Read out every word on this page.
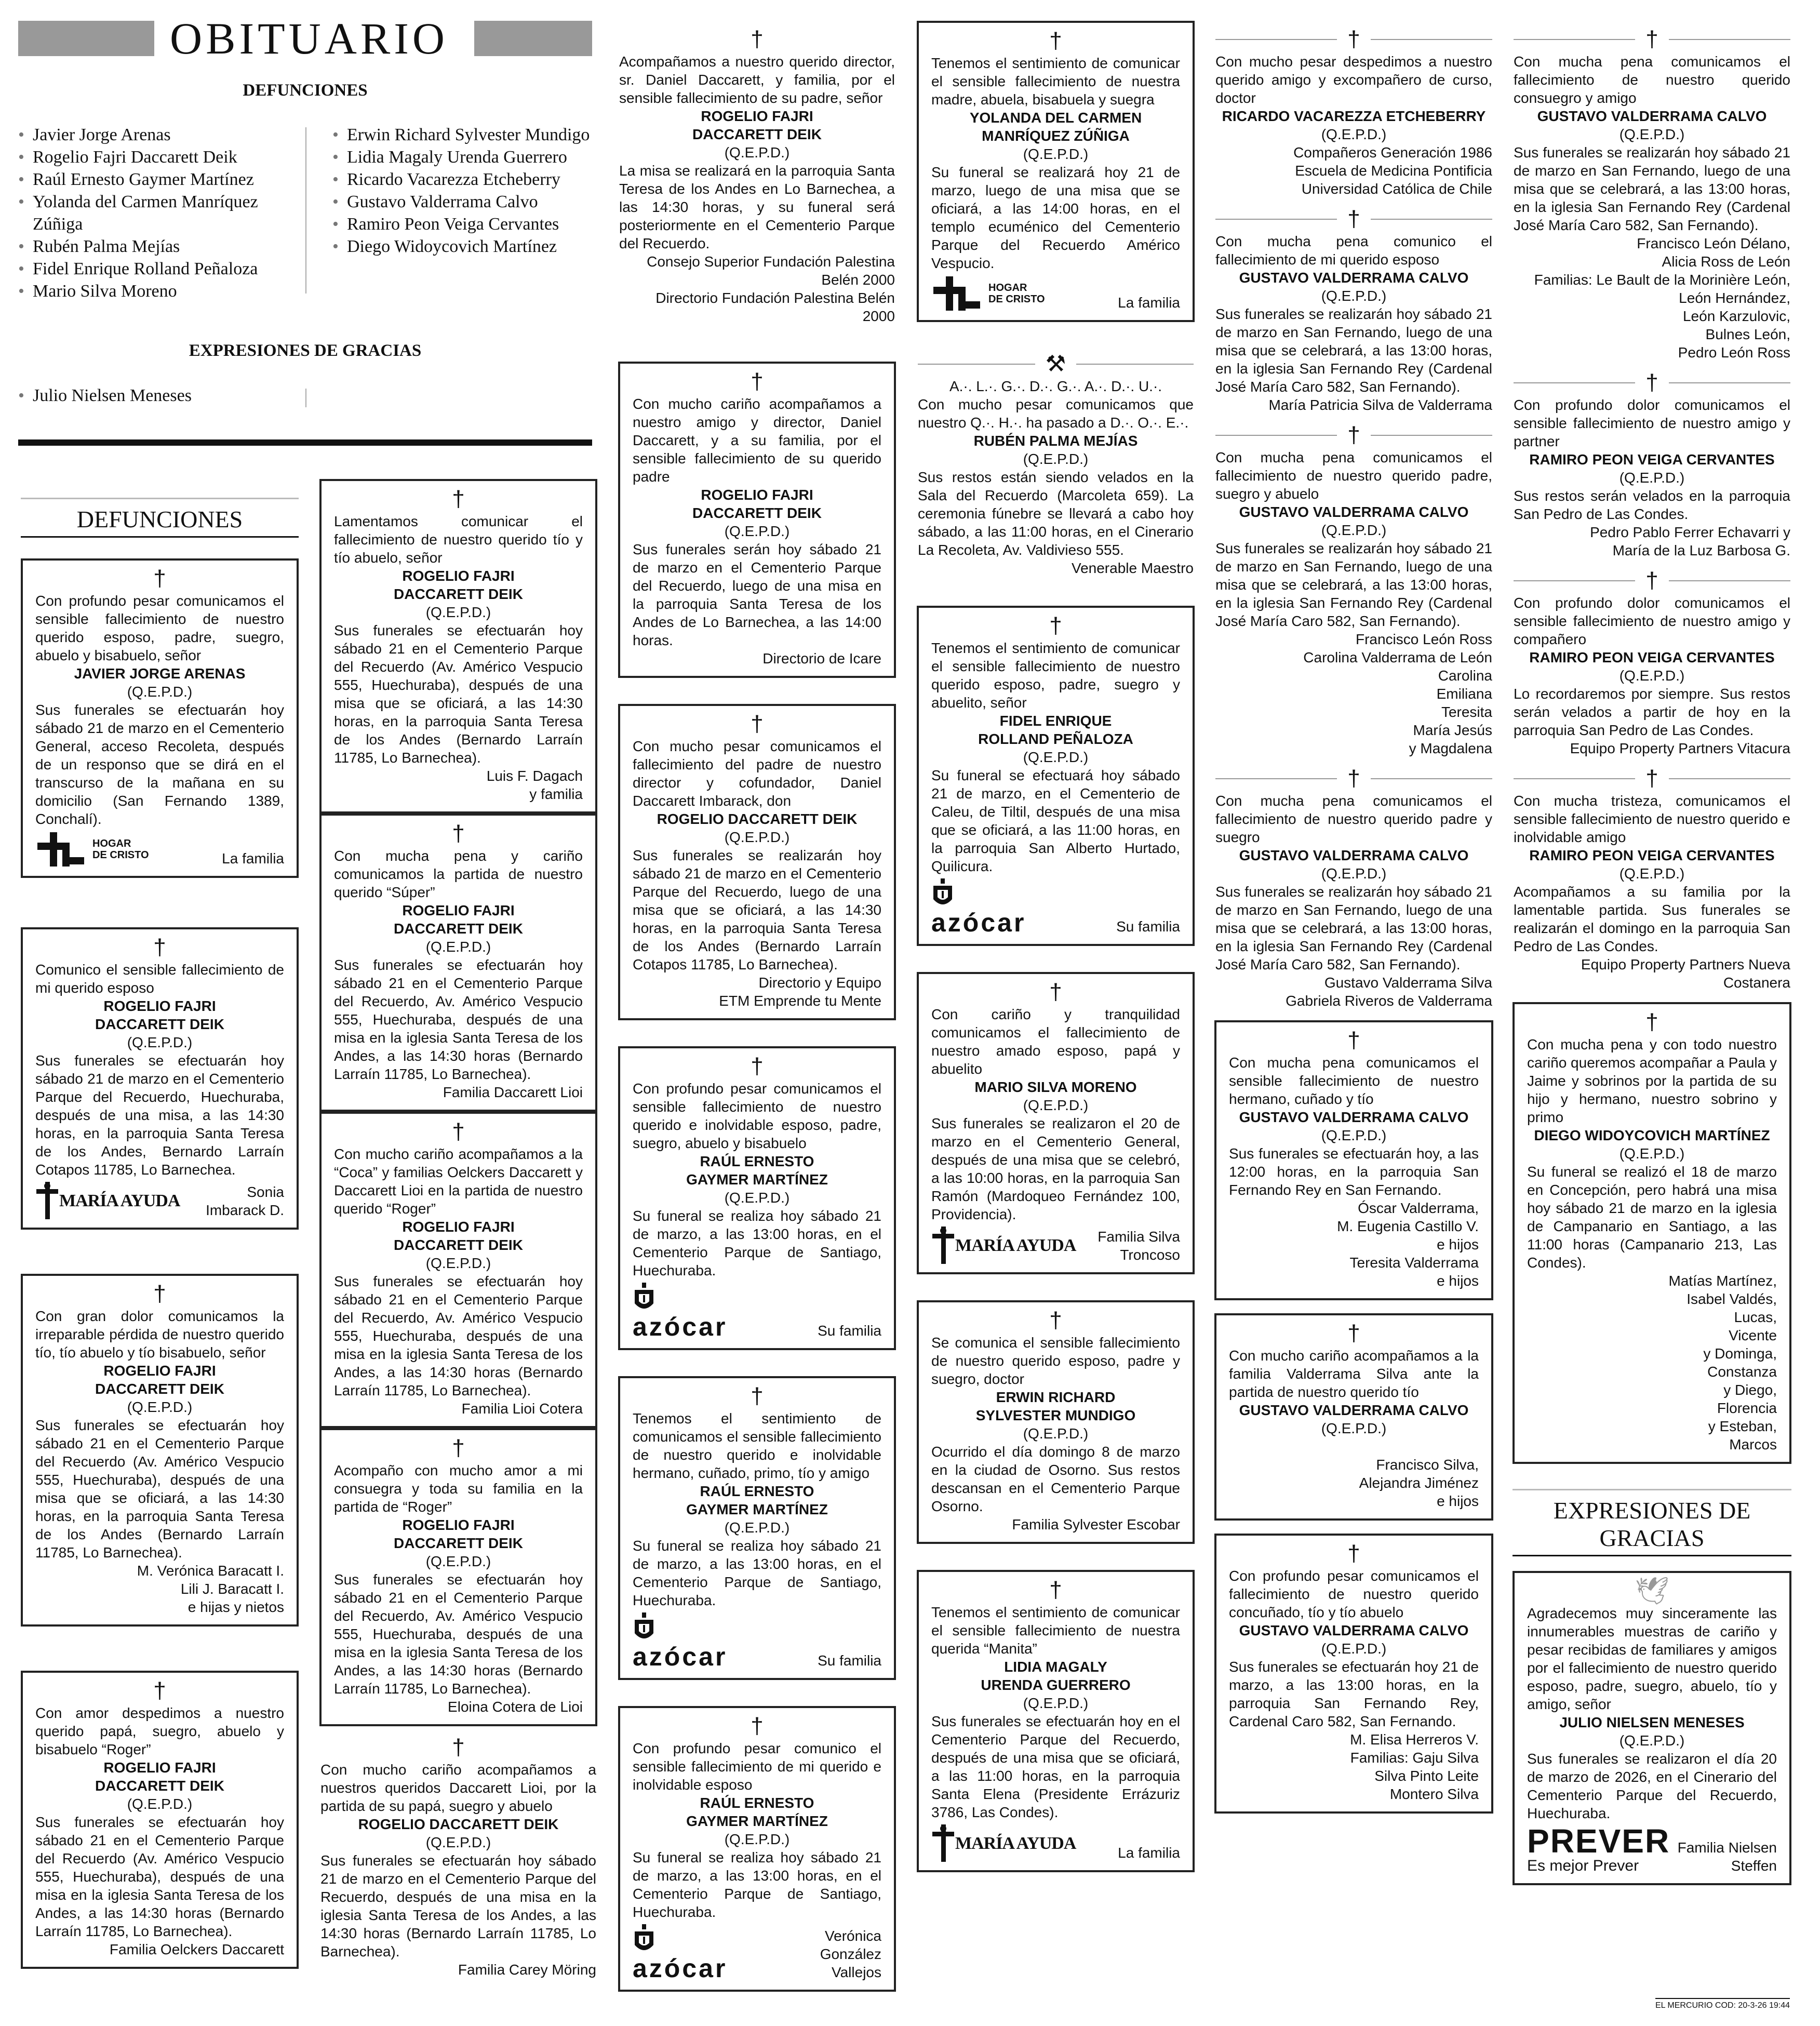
OBITUARIO
DEFUNCIONES
• Javier Jorge Arenas
• Rogelio Fajri Daccarett Deik
• Raúl Ernesto Gaymer Martínez
• Yolanda del Carmen Manríquez Zúñiga
• Rubén Palma Mejías
• Fidel Enrique Rolland Peñaloza
• Mario Silva Moreno
• Erwin Richard Sylvester Mundigo
• Lidia Magaly Urenda Guerrero
• Ricardo Vacarezza Etcheberry
• Gustavo Valderrama Calvo
• Ramiro Peon Veiga Cervantes
• Diego Widoycovich Martínez
EXPRESIONES DE GRACIAS
• Julio Nielsen Meneses
DEFUNCIONES
†
Con profundo pesar comunicamos el sensible fallecimiento de nuestro querido esposo, padre, suegro, abuelo y bisabuelo, señor
JAVIER JORGE ARENAS
(Q.E.P.D.)
Sus funerales se efectuarán hoy sábado 21 de marzo en el Cementerio General, acceso Recoleta, después de un responso que se dirá en el transcurso de la mañana en su domicilio (San Fernando 1389, Conchalí).
HOGAR
DE CRISTO	La familia
†
Comunico el sensible fallecimiento de mi querido esposo
ROGELIO FAJRI
DACCARETT DEIK
(Q.E.P.D.)
Sus funerales se efectuarán hoy sábado 21 de marzo en el Cementerio Parque del Recuerdo, Huechuraba, después de una misa, a las 14:30 horas, en la parroquia Santa Teresa de los Andes, Bernardo Larraín Cotapos 11785, Lo Barnechea.
MARÍA AYUDA	Sonia
Imbarack D.
†
Con gran dolor comunicamos la irreparable pérdida de nuestro querido tío, tío abuelo y tío bisabuelo, señor
ROGELIO FAJRI
DACCARETT DEIK
(Q.E.P.D.)
Sus funerales se efectuarán hoy sábado 21 en el Cementerio Parque del Recuerdo (Av. Américo Vespucio 555, Huechuraba), después de una misa que se oficiará, a las 14:30 horas, en la parroquia Santa Teresa de los Andes (Bernardo Larraín 11785, Lo Barnechea).
M. Verónica Baracatt I.
Lili J. Baracatt I.
e hijas y nietos
†
Con amor despedimos a nuestro querido papá, suegro, abuelo y bisabuelo “Roger”
ROGELIO FAJRI
DACCARETT DEIK
(Q.E.P.D.)
Sus funerales se efectuarán hoy sábado 21 en el Cementerio Parque del Recuerdo (Av. Américo Vespucio 555, Huechuraba), después de una misa en la iglesia Santa Teresa de los Andes, a las 14:30 horas (Bernardo Larraín 11785, Lo Barnechea).
Familia Oelckers Daccarett
†
Lamentamos comunicar el fallecimiento de nuestro querido tío y tío abuelo, señor
ROGELIO FAJRI
DACCARETT DEIK
(Q.E.P.D.)
Sus funerales se efectuarán hoy sábado 21 en el Cementerio Parque del Recuerdo (Av. Américo Vespucio 555, Huechuraba), después de una misa que se oficiará, a las 14:30 horas, en la parroquia Santa Teresa de los Andes (Bernardo Larraín 11785, Lo Barnechea).
Luis F. Dagach
y familia
†
Con mucha pena y cariño comunicamos la partida de nuestro querido “Súper”
ROGELIO FAJRI
DACCARETT DEIK
(Q.E.P.D.)
Sus funerales se efectuarán hoy sábado 21 en el Cementerio Parque del Recuerdo, Av. Américo Vespucio 555, Huechuraba, después de una misa en la iglesia Santa Teresa de los Andes, a las 14:30 horas (Bernardo Larraín 11785, Lo Barnechea).
Familia Daccarett Lioi
†
Con mucho cariño acompañamos a la “Coca” y familias Oelckers Daccarett y Daccarett Lioi en la partida de nuestro querido “Roger”
ROGELIO FAJRI
DACCARETT DEIK
(Q.E.P.D.)
Sus funerales se efectuarán hoy sábado 21 en el Cementerio Parque del Recuerdo, Av. Américo Vespucio 555, Huechuraba, después de una misa en la iglesia Santa Teresa de los Andes, a las 14:30 horas (Bernardo Larraín 11785, Lo Barnechea).
Familia Lioi Cotera
†
Acompaño con mucho amor a mi consuegra y toda su familia en la partida de “Roger”
ROGELIO FAJRI
DACCARETT DEIK
(Q.E.P.D.)
Sus funerales se efectuarán hoy sábado 21 en el Cementerio Parque del Recuerdo, Av. Américo Vespucio 555, Huechuraba, después de una misa en la iglesia Santa Teresa de los Andes, a las 14:30 horas (Bernardo Larraín 11785, Lo Barnechea).
Eloina Cotera de Lioi
†
Con mucho cariño acompañamos a nuestros queridos Daccarett Lioi, por la partida de su papá, suegro y abuelo
ROGELIO DACCARETT DEIK
(Q.E.P.D.)
Sus funerales se efectuarán hoy sábado 21 de marzo en el Cementerio Parque del Recuerdo, después de una misa en la iglesia Santa Teresa de los Andes, a las 14:30 horas (Bernardo Larraín 11785, Lo Barnechea).
Familia Carey Möring
†
Acompañamos a nuestro querido director, sr. Daniel Daccarett, y familia, por el sensible fallecimiento de su padre, señor
ROGELIO FAJRI
DACCARETT DEIK
(Q.E.P.D.)
La misa se realizará en la parroquia Santa Teresa de los Andes en Lo Barnechea, a las 14:30 horas, y su funeral será posteriormente en el Cementerio Parque del Recuerdo.
Consejo Superior Fundación Palestina
Belén 2000
Directorio Fundación Palestina Belén
2000
†
Con mucho cariño acompañamos a nuestro amigo y director, Daniel Daccarett, y a su familia, por el sensible fallecimiento de su querido padre
ROGELIO FAJRI
DACCARETT DEIK
(Q.E.P.D.)
Sus funerales serán hoy sábado 21 de marzo en el Cementerio Parque del Recuerdo, luego de una misa en la parroquia Santa Teresa de los Andes de Lo Barnechea, a las 14:00 horas.
Directorio de Icare
†
Con mucho pesar comunicamos el fallecimiento del padre de nuestro director y cofundador, Daniel Daccarett Imbarack, don
ROGELIO DACCARETT DEIK
(Q.E.P.D.)
Sus funerales se realizarán hoy sábado 21 de marzo en el Cementerio Parque del Recuerdo, luego de una misa que se oficiará, a las 14:30 horas, en la parroquia Santa Teresa de los Andes (Bernardo Larraín Cotapos 11785, Lo Barnechea).
Directorio y Equipo
ETM Emprende tu Mente
†
Con profundo pesar comunicamos el sensible fallecimiento de nuestro querido e inolvidable esposo, padre, suegro, abuelo y bisabuelo
RAÚL ERNESTO
GAYMER MARTÍNEZ
(Q.E.P.D.)
Su funeral se realiza hoy sábado 21 de marzo, a las 13:00 horas, en el Cementerio Parque de Santiago, Huechuraba.
azócar	Su familia
†
Tenemos el sentimiento de comunicamos el sensible fallecimiento de nuestro querido e inolvidable hermano, cuñado, primo, tío y amigo
RAÚL ERNESTO
GAYMER MARTÍNEZ
(Q.E.P.D.)
Su funeral se realiza hoy sábado 21 de marzo, a las 13:00 horas, en el Cementerio Parque de Santiago, Huechuraba.
azócar	Su familia
†
Con profundo pesar comunico el sensible fallecimiento de mi querido e inolvidable esposo
RAÚL ERNESTO
GAYMER MARTÍNEZ
(Q.E.P.D.)
Su funeral se realiza hoy sábado 21 de marzo, a las 13:00 horas, en el Cementerio Parque de Santiago, Huechuraba.
azócar
Verónica
González
Vallejos
†
Tenemos el sentimiento de comunicar el sensible fallecimiento de nuestra madre, abuela, bisabuela y suegra
YOLANDA DEL CARMEN
MANRÍQUEZ ZÚÑIGA
(Q.E.P.D.)
Su funeral se realizará hoy 21 de marzo, luego de una misa que se oficiará, a las 14:00 horas, en el templo ecuménico del Cementerio Parque del Recuerdo Américo Vespucio.
HOGAR
DE CRISTO	La familia
⚒
A.·. L.·. G.·. D.·. G.·. A.·. D.·. U.·.
Con mucho pesar comunicamos que nuestro Q.·. H.·. ha pasado a D.·. O.·. E.·.
RUBÉN PALMA MEJÍAS
(Q.E.P.D.)
Sus restos están siendo velados en la Sala del Recuerdo (Marcoleta 659). La ceremonia fúnebre se llevará a cabo hoy sábado, a las 11:00 horas, en el Cinerario La Recoleta, Av. Valdivieso 555.
Venerable Maestro
†
Tenemos el sentimiento de comunicar el sensible fallecimiento de nuestro querido esposo, padre, suegro y abuelito, señor
FIDEL ENRIQUE
ROLLAND PEÑALOZA
(Q.E.P.D.)
Su funeral se efectuará hoy sábado 21 de marzo, en el Cementerio de Caleu, de Tiltil, después de una misa que se oficiará, a las 11:00 horas, en la parroquia San Alberto Hurtado, Quilicura.
azócar	Su familia
†
Con cariño y tranquilidad comunicamos el fallecimiento de nuestro amado esposo, papá y abuelito
MARIO SILVA MORENO
(Q.E.P.D.)
Sus funerales se realizaron el 20 de marzo en el Cementerio General, después de una misa que se celebró, a las 10:00 horas, en la parroquia San Ramón (Mardoqueo Fernández 100, Providencia).
MARÍA AYUDA Familia Silva
Troncoso
†
Se comunica el sensible fallecimiento de nuestro querido esposo, padre y suegro, doctor
ERWIN RICHARD
SYLVESTER MUNDIGO
(Q.E.P.D.)
Ocurrido el día domingo 8 de marzo en la ciudad de Osorno. Sus restos descansan en el Cementerio Parque Osorno.
Familia Sylvester Escobar
†
Tenemos el sentimiento de comunicar el sensible fallecimiento de nuestra querida “Manita”
LIDIA MAGALY
URENDA GUERRERO
(Q.E.P.D.)
Sus funerales se efectuarán hoy en el Cementerio Parque del Recuerdo, después de una misa que se oficiará, a las 11:00 horas, en la parroquia Santa Elena (Presidente Errázuriz 3786, Las Condes).
MARÍA AYUDA	La familia
†
Con mucho pesar despedimos a nuestro querido amigo y excompañero de curso, doctor
RICARDO VACAREZZA ETCHEBERRY
(Q.E.P.D.)
Compañeros Generación 1986
Escuela de Medicina Pontificia
Universidad Católica de Chile
†
Con mucha pena comunico el fallecimiento de mi querido esposo
GUSTAVO VALDERRAMA CALVO
(Q.E.P.D.)
Sus funerales se realizarán hoy sábado 21 de marzo en San Fernando, luego de una misa que se celebrará, a las 13:00 horas, en la iglesia San Fernando Rey (Cardenal José María Caro 582, San Fernando).
María Patricia Silva de Valderrama
†
Con mucha pena comunicamos el fallecimiento de nuestro querido padre, suegro y abuelo
GUSTAVO VALDERRAMA CALVO
(Q.E.P.D.)
Sus funerales se realizarán hoy sábado 21 de marzo en San Fernando, luego de una misa que se celebrará, a las 13:00 horas, en la iglesia San Fernando Rey (Cardenal José María Caro 582, San Fernando).
Francisco León Ross
Carolina Valderrama de León
Carolina
Emiliana
Teresita
María Jesús
y Magdalena
†
Con mucha pena comunicamos el fallecimiento de nuestro querido padre y suegro
GUSTAVO VALDERRAMA CALVO
(Q.E.P.D.)
Sus funerales se realizarán hoy sábado 21 de marzo en San Fernando, luego de una misa que se celebrará, a las 13:00 horas, en la iglesia San Fernando Rey (Cardenal José María Caro 582, San Fernando).
Gustavo Valderrama Silva
Gabriela Riveros de Valderrama
†
Con mucha pena comunicamos el sensible fallecimiento de nuestro hermano, cuñado y tío
GUSTAVO VALDERRAMA CALVO
(Q.E.P.D.)
Sus funerales se efectuarán hoy, a las 12:00 horas, en la parroquia San Fernando Rey en San Fernando.
Óscar Valderrama,
M. Eugenia Castillo V.
e hijos
Teresita Valderrama
e hijos
†
Con mucho cariño acompañamos a la familia Valderrama Silva ante la partida de nuestro querido tío
GUSTAVO VALDERRAMA CALVO
(Q.E.P.D.)

Francisco Silva,
Alejandra Jiménez
e hijos
†
Con profundo pesar comunicamos el fallecimiento de nuestro querido concuñado, tío y tío abuelo
GUSTAVO VALDERRAMA CALVO
(Q.E.P.D.)
Sus funerales se efectuarán hoy 21 de marzo, a las 13:00 horas, en la parroquia San Fernando Rey, Cardenal Caro 582, San Fernando.
M. Elisa Herreros V.
Familias: Gaju Silva
Silva Pinto Leite
Montero Silva
EXPRESIONES DE GRACIAS
🕊
Agradecemos muy sinceramente las innumerables muestras de cariño y pesar recibidas de familiares y amigos por el fallecimiento de nuestro querido esposo, padre, suegro, abuelo, tío y amigo, señor
JULIO NIELSEN MENESES
(Q.E.P.D.)
Sus funerales se realizaron el día 20 de marzo de 2026, en el Cinerario del Cementerio Parque del Recuerdo, Huechuraba.
PREVER
Es mejor Prever
Familia Nielsen
Steffen
†
Con mucha pena comunicamos el fallecimiento de nuestro querido consuegro y amigo
GUSTAVO VALDERRAMA CALVO
(Q.E.P.D.)
Sus funerales se realizarán hoy sábado 21 de marzo en San Fernando, luego de una misa que se celebrará, a las 13:00 horas, en la iglesia San Fernando Rey (Cardenal José María Caro 582, San Fernando).
Francisco León Délano,
Alicia Ross de León
Familias: Le Bault de la Morinière León,
León Hernández,
León Karzulovic,
Bulnes León,
Pedro León Ross
†
Con profundo dolor comunicamos el sensible fallecimiento de nuestro amigo y partner
RAMIRO PEON VEIGA CERVANTES
(Q.E.P.D.)
Sus restos serán velados en la parroquia San Pedro de Las Condes.
Pedro Pablo Ferrer Echavarri y
María de la Luz Barbosa G.
†
Con profundo dolor comunicamos el sensible fallecimiento de nuestro amigo y compañero
RAMIRO PEON VEIGA CERVANTES
(Q.E.P.D.)
Lo recordaremos por siempre. Sus restos serán velados a partir de hoy en la parroquia San Pedro de Las Condes.
Equipo Property Partners Vitacura
†
Con mucha tristeza, comunicamos el sensible fallecimiento de nuestro querido e inolvidable amigo
RAMIRO PEON VEIGA CERVANTES
(Q.E.P.D.)
Acompañamos a su familia por la lamentable partida. Sus funerales se realizarán el domingo en la parroquia San Pedro de Las Condes.
Equipo Property Partners Nueva
Costanera
†
Con mucha pena y con todo nuestro cariño queremos acompañar a Paula y Jaime y sobrinos por la partida de su hijo y hermano, nuestro sobrino y primo
DIEGO WIDOYCOVICH MARTÍNEZ
(Q.E.P.D.)
Su funeral se realizó el 18 de marzo en Concepción, pero habrá una misa hoy sábado 21 de marzo en la iglesia de Campanario en Santiago, a las 11:00 horas (Campanario 213, Las Condes).
Matías Martínez,
Isabel Valdés,
Lucas,
Vicente
y Dominga,
Constanza
y Diego,
Florencia
y Esteban,
Marcos
EL MERCURIO COD: 20-3-26 19:44
